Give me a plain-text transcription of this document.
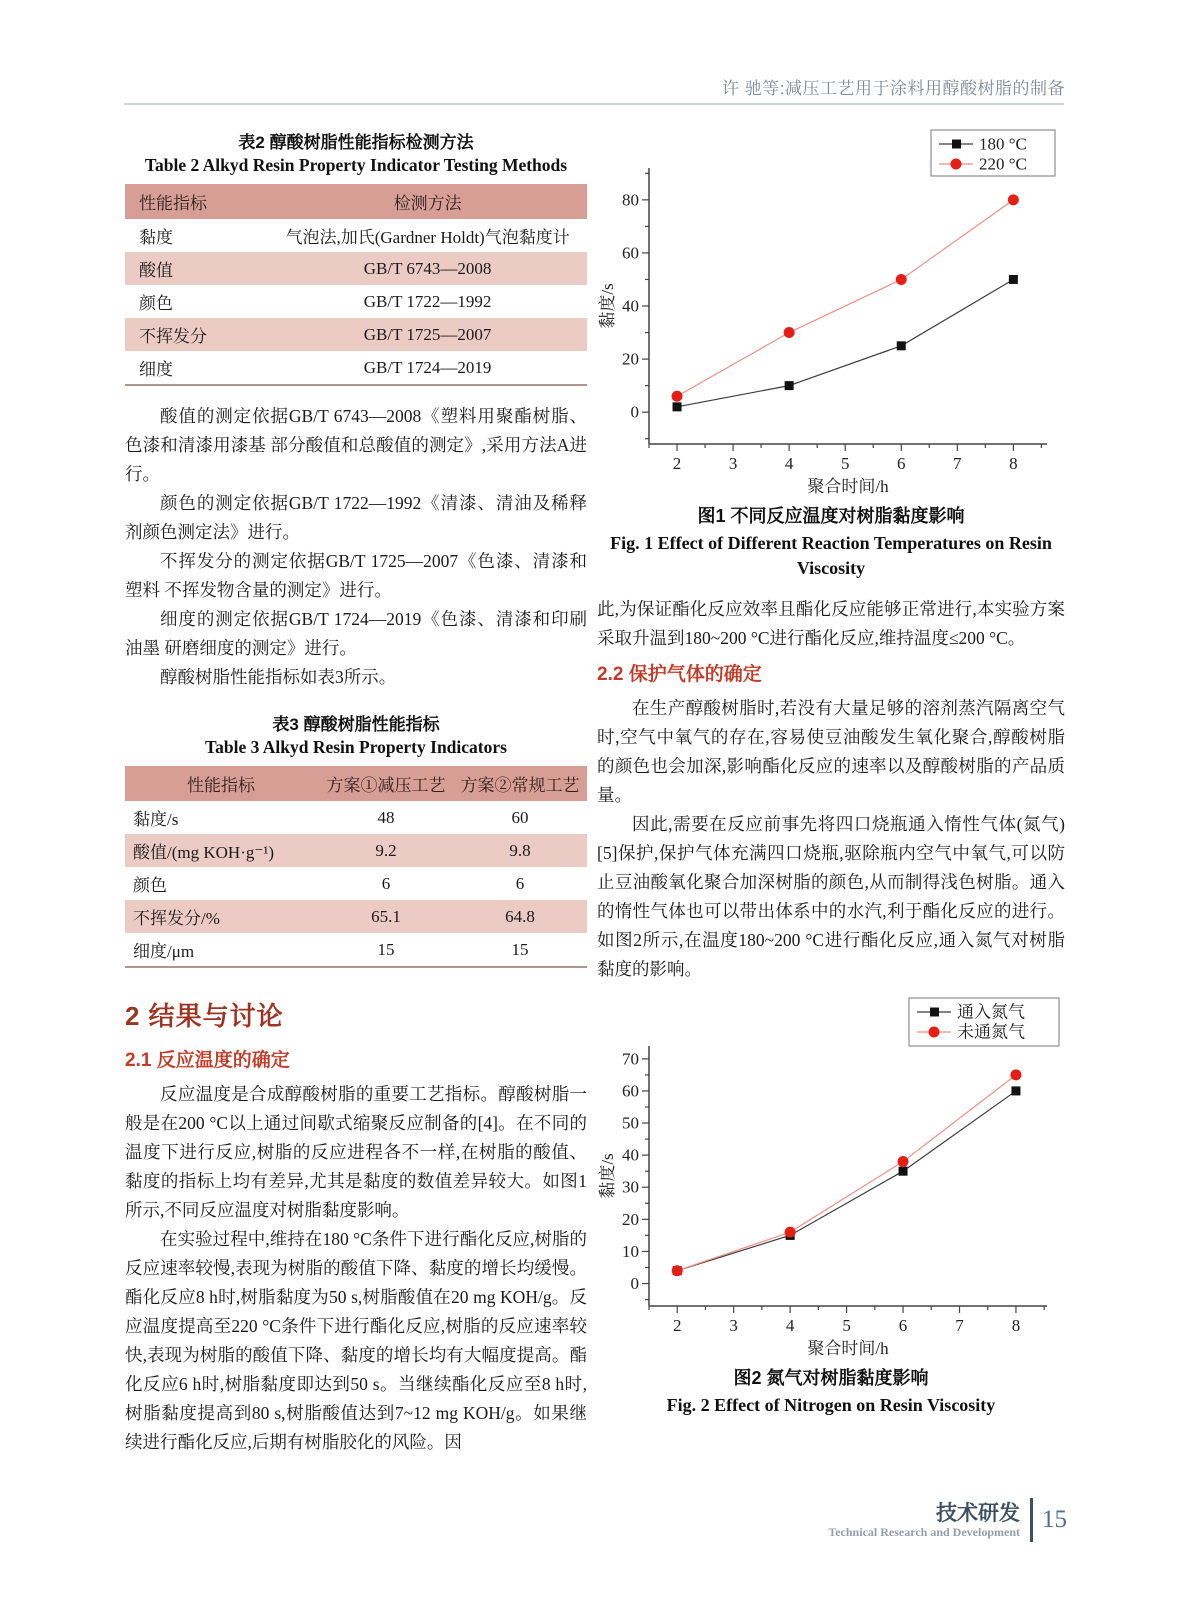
许 驰等:减压工艺用于涂料用醇酸树脂的制备
表2 醇酸树脂性能指标检测方法
Table 2 Alkyd Resin Property Indicator Testing Methods
性能指标	检测方法
黏度	气泡法,加氏(Gardner Holdt)气泡黏度计
酸值	GB/T 6743—2008
颜色	GB/T 1722—1992
不挥发分	GB/T 1725—2007
细度	GB/T 1724—2019

酸值的测定依据GB/T 6743—2008《塑料用聚酯树脂、色漆和清漆用漆基 部分酸值和总酸值的测定》,采用方法A进行。

颜色的测定依据GB/T 1722—1992《清漆、清油及稀释剂颜色测定法》进行。

不挥发分的测定依据GB/T 1725—2007《色漆、清漆和塑料 不挥发物含量的测定》进行。

细度的测定依据GB/T 1724—2019《色漆、清漆和印刷油墨 研磨细度的测定》进行。

醇酸树脂性能指标如表3所示。

表3 醇酸树脂性能指标
Table 3 Alkyd Resin Property Indicators
性能指标	方案①减压工艺 方案②常规工艺
黏度/s	48	60
酸值/(mg KOH·g⁻¹)	9.2	9.8
颜色	6	6
不挥发分/%	65.1	64.8
细度/μm	15	15
2 结果与讨论
2.1 反应温度的确定

反应温度是合成醇酸树脂的重要工艺指标。醇酸树脂一般是在200 °C以上通过间歇式缩聚反应制备的[4]。在不同的温度下进行反应,树脂的反应进程各不一样,在树脂的酸值、黏度的指标上均有差异,尤其是黏度的数值差异较大。如图1所示,不同反应温度对树脂黏度影响。

在实验过程中,维持在180 °C条件下进行酯化反应,树脂的反应速率较慢,表现为树脂的酸值下降、黏度的增长均缓慢。酯化反应8 h时,树脂黏度为50 s,树脂酸值在20 mg KOH/g。反应温度提高至220 °C条件下进行酯化反应,树脂的反应速率较快,表现为树脂的酸值下降、黏度的增长均有大幅度提高。酯化反应6 h时,树脂黏度即达到50 s。当继续酯化反应至8 h时,树脂黏度提高到80 s,树脂酸值达到7~12 mg KOH/g。如果继续进行酯化反应,后期有树脂胶化的风险。因

2	3	4	5	6	7	8
0
20
40
60
80
聚合时间/h
黏度/s
180 °C
220 °C
图1 不同反应温度对树脂黏度影响
Fig. 1 Effect of Different Reaction Temperatures on Resin Viscosity

此,为保证酯化反应效率且酯化反应能够正常进行,本实验方案采取升温到180~200 °C进行酯化反应,维持温度≤200 °C。

2.2 保护气体的确定

在生产醇酸树脂时,若没有大量足够的溶剂蒸汽隔离空气时,空气中氧气的存在,容易使豆油酸发生氧化聚合,醇酸树脂的颜色也会加深,影响酯化反应的速率以及醇酸树脂的产品质量。

因此,需要在反应前事先将四口烧瓶通入惰性气体(氮气)[5]保护,保护气体充满四口烧瓶,驱除瓶内空气中氧气,可以防止豆油酸氧化聚合加深树脂的颜色,从而制得浅色树脂。通入的惰性气体也可以带出体系中的水汽,利于酯化反应的进行。如图2所示,在温度180~200 °C进行酯化反应,通入氮气对树脂黏度的影响。

2	3	4	5	6	7	8
0
10
20
30
40
50
60
70
聚合时间/h
黏度/s
通入氮气
未通氮气
图2 氮气对树脂黏度影响
Fig. 2 Effect of Nitrogen on Resin Viscosity
技术研发
Technical Research and Development 15
